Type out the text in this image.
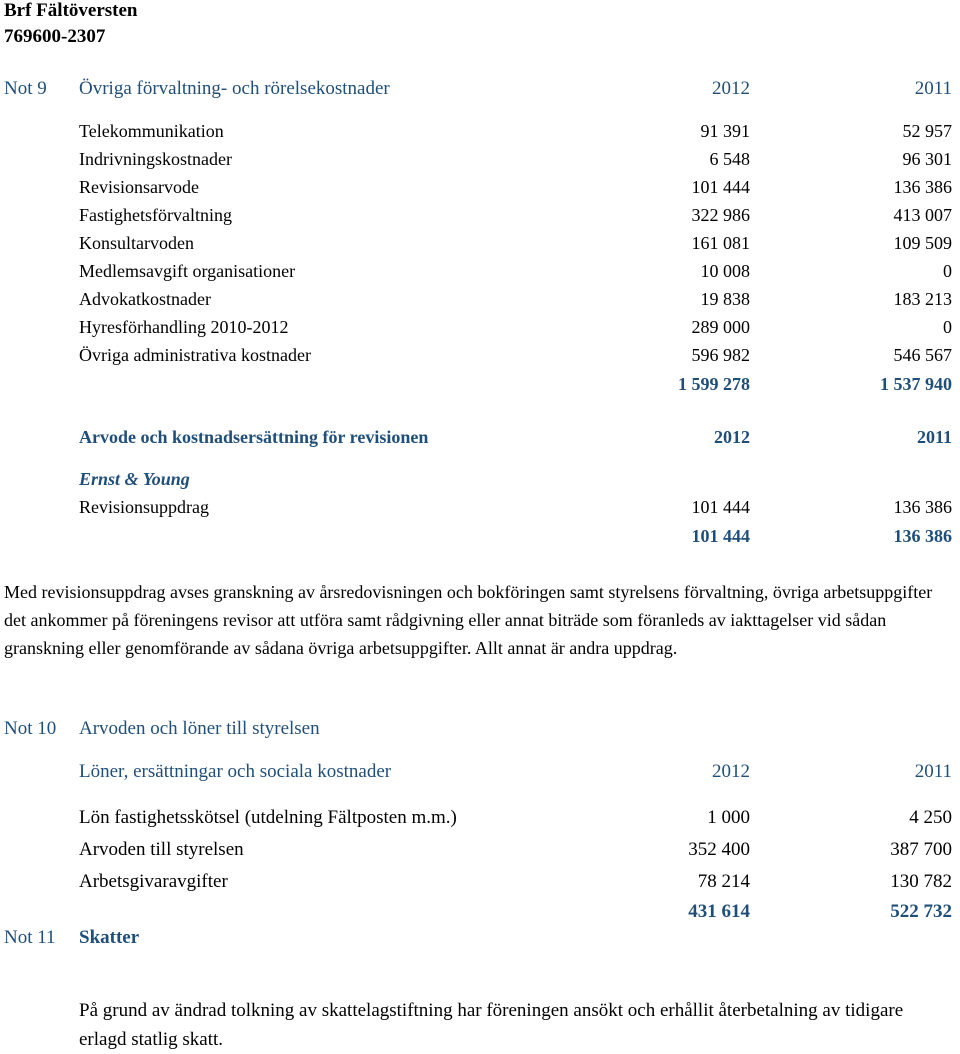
Brf Fältöversten
769600-2307
Not 9 Övriga förvaltning- och rörelsekostnader	2012	2011
Telekommunikation	91 391	52 957
Indrivningskostnader	6 548	96 301
Revisionsarvode	101 444	136 386
Fastighetsförvaltning	322 986	413 007
Konsultarvoden	161 081	109 509
Medlemsavgift organisationer	10 008	0
Advokatkostnader	19 838	183 213
Hyresförhandling 2010-2012	289 000	0
Övriga administrativa kostnader	596 982	546 567
1 599 278	1 537 940
Arvode och kostnadsersättning för revisionen	2012	2011
Ernst & Young
Revisionsuppdrag	101 444	136 386
101 444	136 386
Med revisionsuppdrag avses granskning av årsredovisningen och bokföringen samt styrelsens förvaltning, övriga arbetsuppgifter det ankommer på föreningens revisor att utföra samt rådgivning eller annat biträde som föranleds av iakttagelser vid sådan granskning eller genomförande av sådana övriga arbetsuppgifter. Allt annat är andra uppdrag.
Not 10 Arvoden och löner till styrelsen
Löner, ersättningar och sociala kostnader	2012	2011
Lön fastighetsskötsel (utdelning Fältposten m.m.)	1 000	4 250
Arvoden till styrelsen	352 400	387 700
Arbetsgivaravgifter	78 214	130 782
431 614	522 732
Not 11 Skatter
På grund av ändrad tolkning av skattelagstiftning har föreningen ansökt och erhållit återbetalning av tidigare erlagd statlig skatt.
